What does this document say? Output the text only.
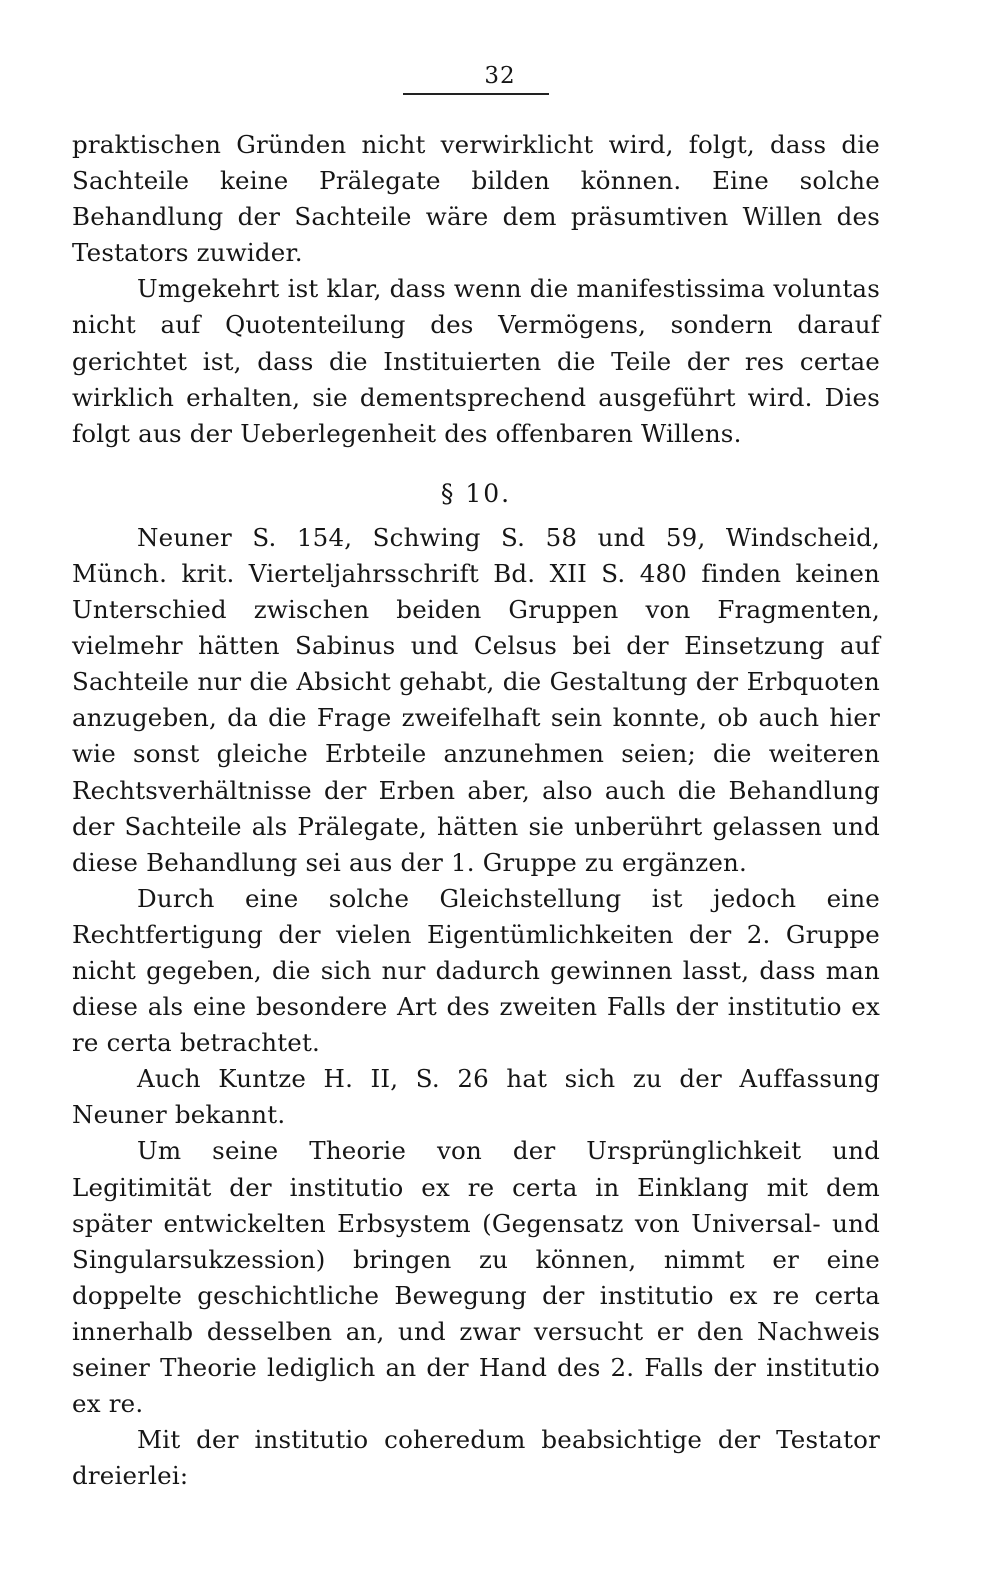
32

praktischen Gründen nicht verwirklicht wird, folgt, dass die Sachteile keine Prälegate bilden können. Eine solche Behandlung der Sachteile wäre dem präsumtiven Willen des Testators zuwider.

Umgekehrt ist klar, dass wenn die manifestissima voluntas nicht auf Quotenteilung des Vermögens, sondern darauf gerichtet ist, dass die Instituierten die Teile der res certae wirklich erhalten, sie dementsprechend ausgeführt wird. Dies folgt aus der Ueberlegenheit des offenbaren Willens.

§ 10.

Neuner S. 154, Schwing S. 58 und 59, Windscheid, Münch. krit. Vierteljahrsschrift Bd. XII S. 480 finden keinen Unterschied zwischen beiden Gruppen von Fragmenten, vielmehr hätten Sabinus und Celsus bei der Einsetzung auf Sachteile nur die Absicht gehabt, die Gestaltung der Erbquoten anzugeben, da die Frage zweifelhaft sein konnte, ob auch hier wie sonst gleiche Erbteile anzunehmen seien; die weiteren Rechtsverhältnisse der Erben aber, also auch die Behandlung der Sachteile als Prälegate, hätten sie unberührt gelassen und diese Behandlung sei aus der 1. Gruppe zu ergänzen.

Durch eine solche Gleichstellung ist jedoch eine Rechtfertigung der vielen Eigentümlichkeiten der 2. Gruppe nicht gegeben, die sich nur dadurch gewinnen lasst, dass man diese als eine besondere Art des zweiten Falls der institutio ex re certa betrachtet.

Auch Kuntze H. II, S. 26 hat sich zu der Auffassung Neuner bekannt.

Um seine Theorie von der Ursprünglichkeit und Legitimität der institutio ex re certa in Einklang mit dem später entwickelten Erbsystem (Gegensatz von Universal- und Singularsukzession) bringen zu können, nimmt er eine doppelte geschichtliche Bewegung der institutio ex re certa innerhalb desselben an, und zwar versucht er den Nachweis seiner Theorie lediglich an der Hand des 2. Falls der institutio ex re.

Mit der institutio coheredum beabsichtige der Testator dreierlei:
